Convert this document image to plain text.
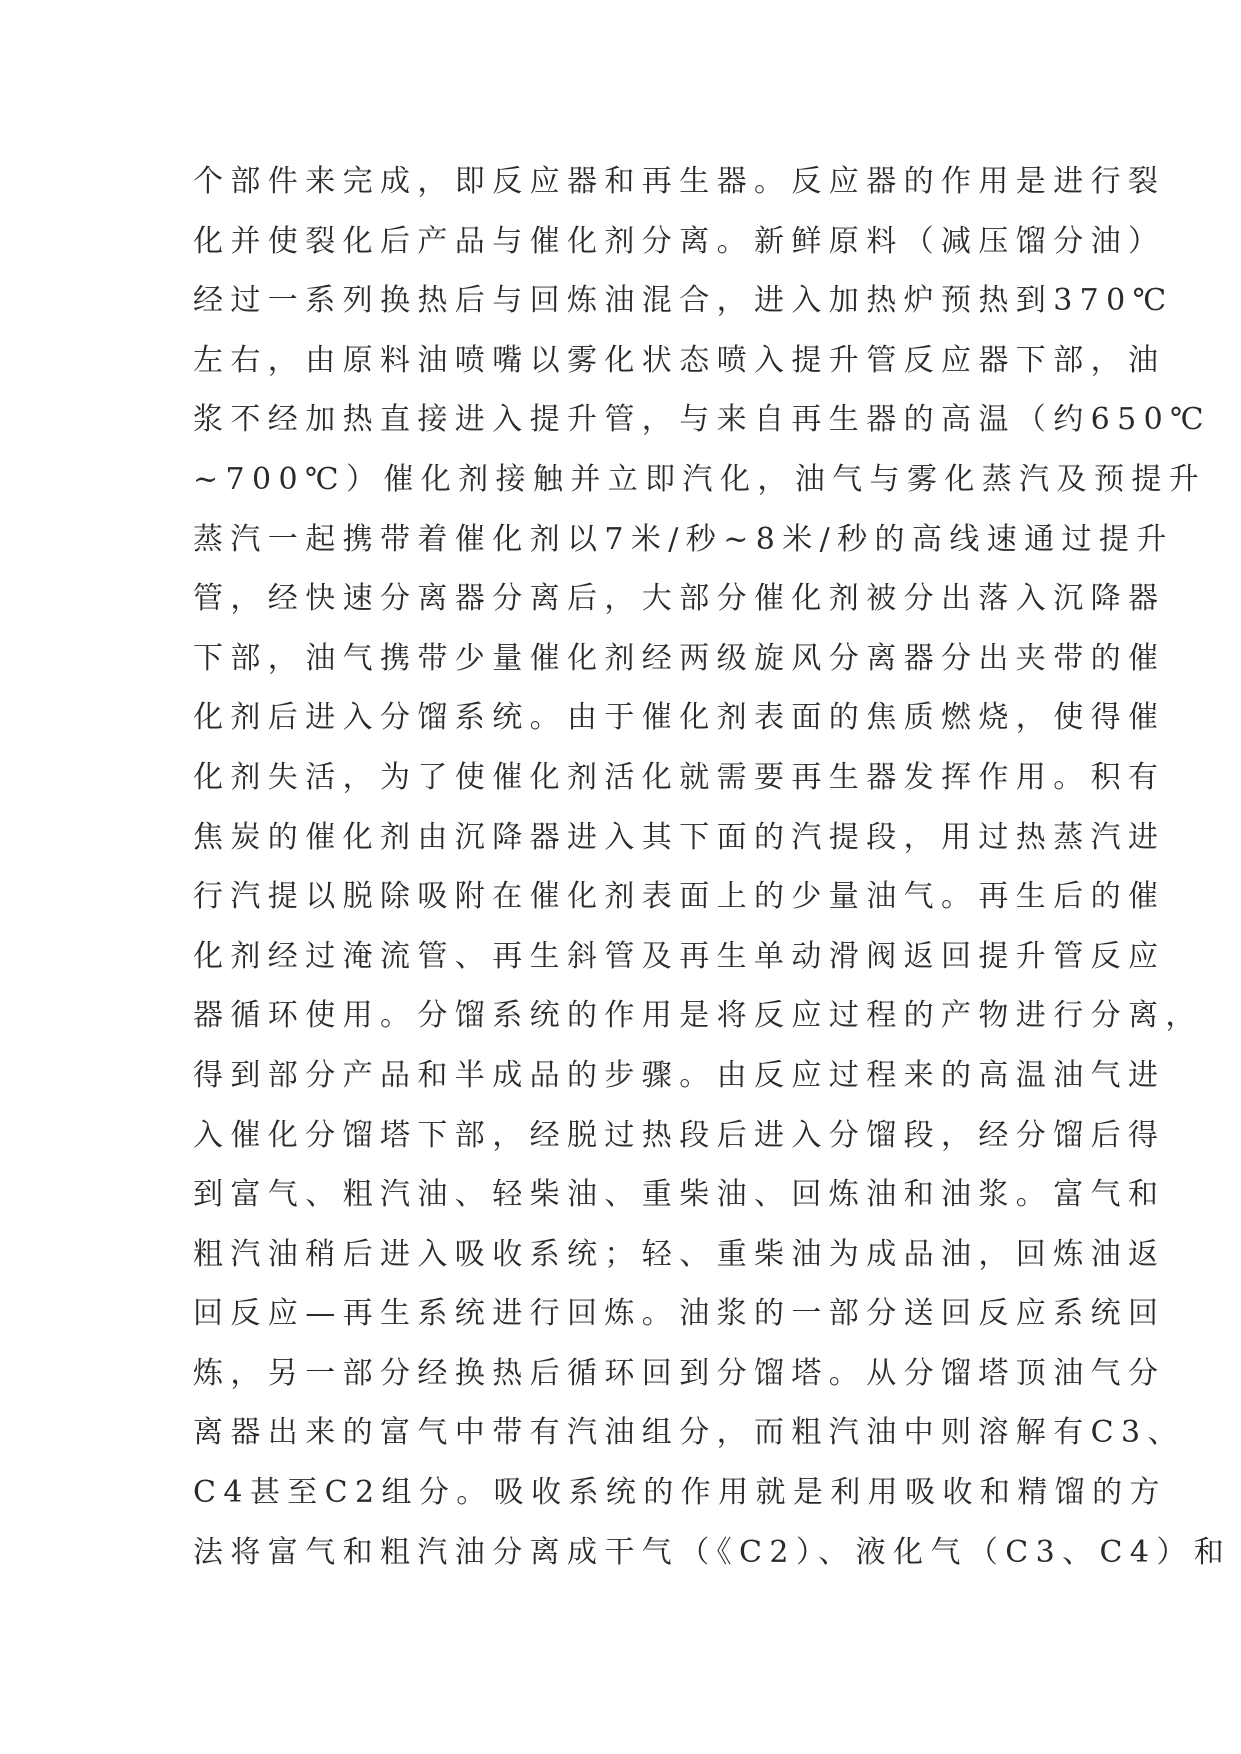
个部件来完成，即反应器和再生器。反应器的作用是进行裂
化并使裂化后产品与催化剂分离。新鲜原料（减压馏分油）
经过一系列换热后与回炼油混合，进入加热炉预热到370℃
左右，由原料油喷嘴以雾化状态喷入提升管反应器下部，油
浆不经加热直接进入提升管，与来自再生器的高温（约650℃
~700℃）催化剂接触并立即汽化，油气与雾化蒸汽及预提升
蒸汽一起携带着催化剂以7米/秒~8米/秒的高线速通过提升
管，经快速分离器分离后，大部分催化剂被分出落入沉降器
下部，油气携带少量催化剂经两级旋风分离器分出夹带的催
化剂后进入分馏系统。由于催化剂表面的焦质燃烧，使得催
化剂失活，为了使催化剂活化就需要再生器发挥作用。积有
焦炭的催化剂由沉降器进入其下面的汽提段，用过热蒸汽进
行汽提以脱除吸附在催化剂表面上的少量油气。再生后的催
化剂经过淹流管、再生斜管及再生单动滑阀返回提升管反应
器循环使用。分馏系统的作用是将反应过程的产物进行分离，
得到部分产品和半成品的步骤。由反应过程来的高温油气进
入催化分馏塔下部，经脱过热段后进入分馏段，经分馏后得
到富气、粗汽油、轻柴油、重柴油、回炼油和油浆。富气和
粗汽油稍后进入吸收系统；轻、重柴油为成品油，回炼油返
回反应—再生系统进行回炼。油浆的一部分送回反应系统回
炼，另一部分经换热后循环回到分馏塔。从分馏塔顶油气分
离器出来的富气中带有汽油组分，而粗汽油中则溶解有C3、
C4甚至C2组分。吸收系统的作用就是利用吸收和精馏的方
法将富气和粗汽油分离成干气（《C2）、液化气（C3、C4）和
